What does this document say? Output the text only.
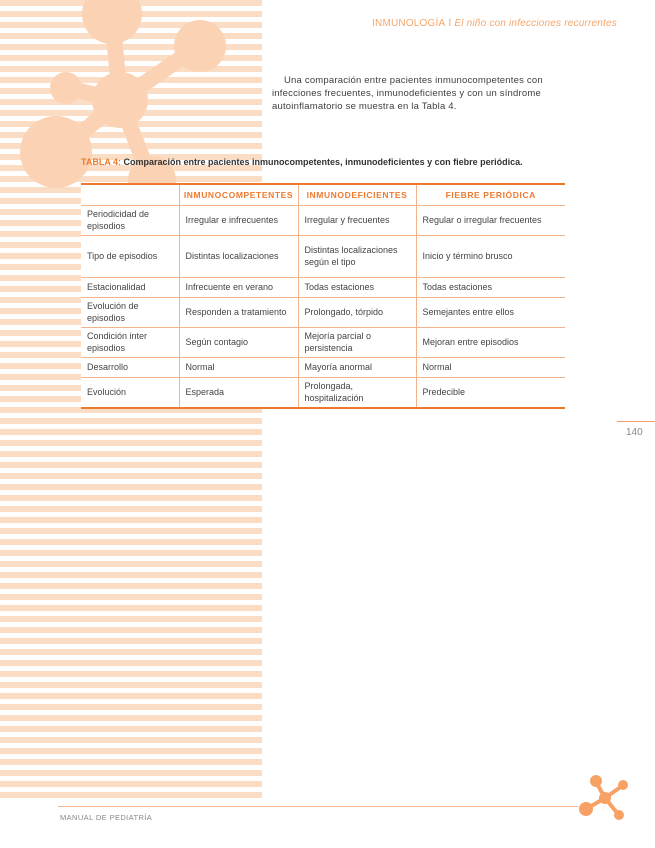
INMUNOLOGÍA I El niño con infecciones recurrentes

Una comparación entre pacientes inmunocompetentes con infecciones frecuentes, inmunodeficientes y con un síndrome autoinflamatorio se muestra en la Tabla 4.

TABLA 4: Comparación entre pacientes inmunocompetentes, inmunodeficientes y con fiebre periódica.
	INMUNOCOMPETENTES	INMUNODEFICIENTES	FIEBRE PERIÓDICA
Periodicidad de episodios	Irregular e infrecuentes	Irregular y frecuentes	Regular o irregular frecuentes
Tipo de episodios	Distintas localizaciones	Distintas localizaciones según el tipo	Inicio y término brusco
Estacionalidad	Infrecuente en verano	Todas estaciones	Todas estaciones
Evolución de episodios	Responden a tratamiento	Prolongado, tórpido	Semejantes entre ellos
Condición inter episodios	Según contagio	Mejoría parcial o persistencia	Mejoran entre episodios
Desarrollo	Normal	Mayoría anormal	Normal
Evolución	Esperada	Prolongada, hospitalización	Predecible
140
MANUAL DE PEDIATRÍA
